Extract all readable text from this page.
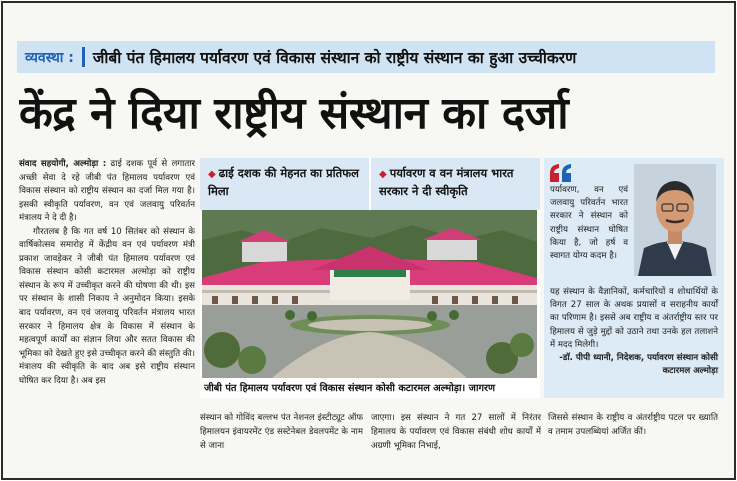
व्यवस्था : जीबी पंत हिमालय पर्यावरण एवं विकास संस्थान को राष्ट्रीय संस्थान का हुआ उच्चीकरण
केंद्र ने दिया राष्ट्रीय संस्थान का दर्जा

संवाद सहयोगी, अल्मोड़ा : ढाई दशक पूर्व से लगातार अच्छी सेवा दे रहे जीबी पंत हिमालय पर्यावरण एवं विकास संस्थान को राष्ट्रीय संस्थान का दर्जा मिल गया है। इसकी स्वीकृति पर्यावरण, वन एवं जलवायु परिवर्तन मंत्रालय ने दे दी है।

गौरतलब है कि गत वर्ष 10 सितंबर को संस्थान के वार्षिकोत्सव समारोह में केंद्रीय वन एवं पर्यावरण मंत्री प्रकाश जावड़ेकर ने जीबी पंत हिमालय पर्यावरण एवं विकास संस्थान कोसी कटारमल अल्मोड़ा को राष्ट्रीय संस्थान के रूप में उच्चीकृत करने की घोषणा की थी। इस पर संस्थान के शासी निकाय ने अनुमोदन किया। इसके बाद पर्यावरण, वन एवं जलवायु परिवर्तन मंत्रालय भारत सरकार ने हिमालय क्षेत्र के विकास में संस्थान के महत्वपूर्ण कार्यों का संज्ञान लिया और सतत विकास की भूमिका को देखते हुए इसे उच्चीकृत करने की संस्तुति की। मंत्रालय की स्वीकृति के बाद अब इसे राष्ट्रीय संस्थान घोषित कर दिया है। अब इस

◆ ढाई दशक की मेहनत का प्रतिफल मिला
◆ पर्यावरण व वन मंत्रालय भारत सरकार ने दी स्वीकृति
जीबी पंत हिमालय पर्यावरण एवं विकास संस्थान कोसी कटारमल अल्मोड़ा। जागरण
संस्थान को गोविंद बल्लभ पंत नेशनल इंस्टीट्यूट ऑफ हिमालयन इंवायरमेंट एंड सस्टेनेबल डेवलपमेंट के नाम से जाना
जाएगा। इस संस्थान ने गत 27 सालों में निरंतर हिमालय के पर्यावरण एवं विकास संबंधी शोध कार्यों में अग्रणी भूमिका निभाई,
जिससे संस्थान के राष्ट्रीय व अंतर्राष्ट्रीय पटल पर ख्याति व तमाम उपलब्धियां अर्जित कीं।
पर्यावरण, वन एवं जलवायु परिवर्तन भारत सरकार ने संस्थान को राष्ट्रीय संस्थान घोषित किया है, जो हर्ष व स्वागत योग्य कदम है।
यह संस्थान के वैज्ञानिकों, कर्मचारियों व शोधार्थियों के विगत 27 साल के अथक प्रयासों व सराहनीय कार्यों का परिणाम है। इससे अब राष्ट्रीय व अंतर्राष्ट्रीय स्तर पर हिमालय से जुड़े मुद्दों को उठाने तथा उनके हल तलाशने में मदद मिलेगी।
-डॉ. पीपी ध्यानी, निदेशक, पर्यावरण संस्थान कोसी कटारमल अल्मोड़ा
